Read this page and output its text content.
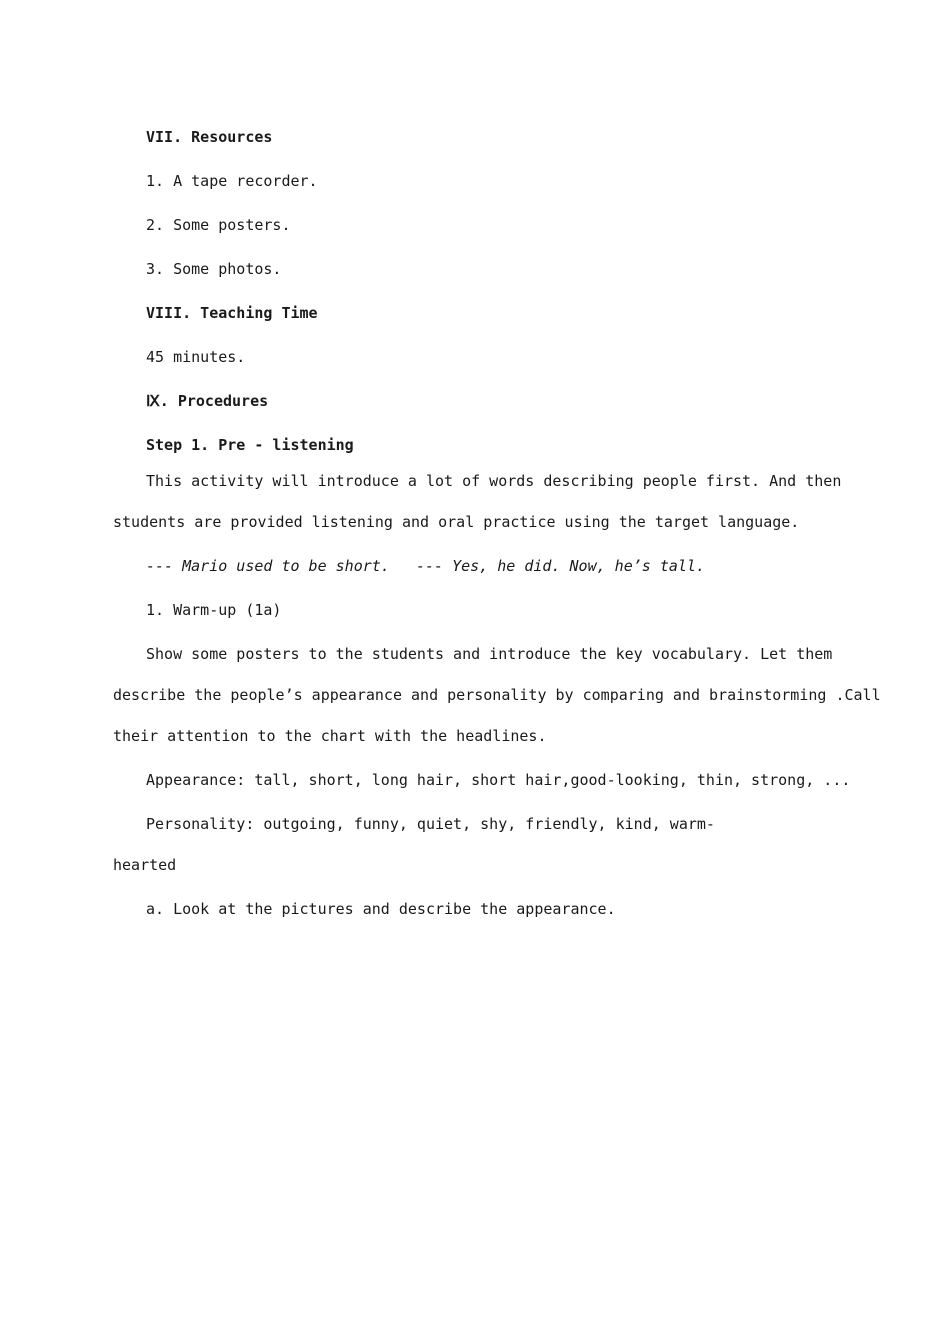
VII. Resources

1. A tape recorder.

2. Some posters.

3. Some photos.

VIII. Teaching Time

45 minutes.

Ⅸ. Procedures

Step 1. Pre - listening

This activity will introduce a lot of words describing people first. And then

students are provided listening and oral practice using the target language.

--- Mario used to be short. --- Yes, he did. Now, he’s tall.

1. Warm-up (1a)

Show some posters to the students and introduce the key vocabulary. Let them

describe the people’s appearance and personality by comparing and brainstorming .Call

their attention to the chart with the headlines.

Appearance: tall, short, long hair, short hair,good-looking, thin, strong, ...

Personality: outgoing, funny, quiet, shy, friendly, kind, warm-

hearted

a. Look at the pictures and describe the appearance.
